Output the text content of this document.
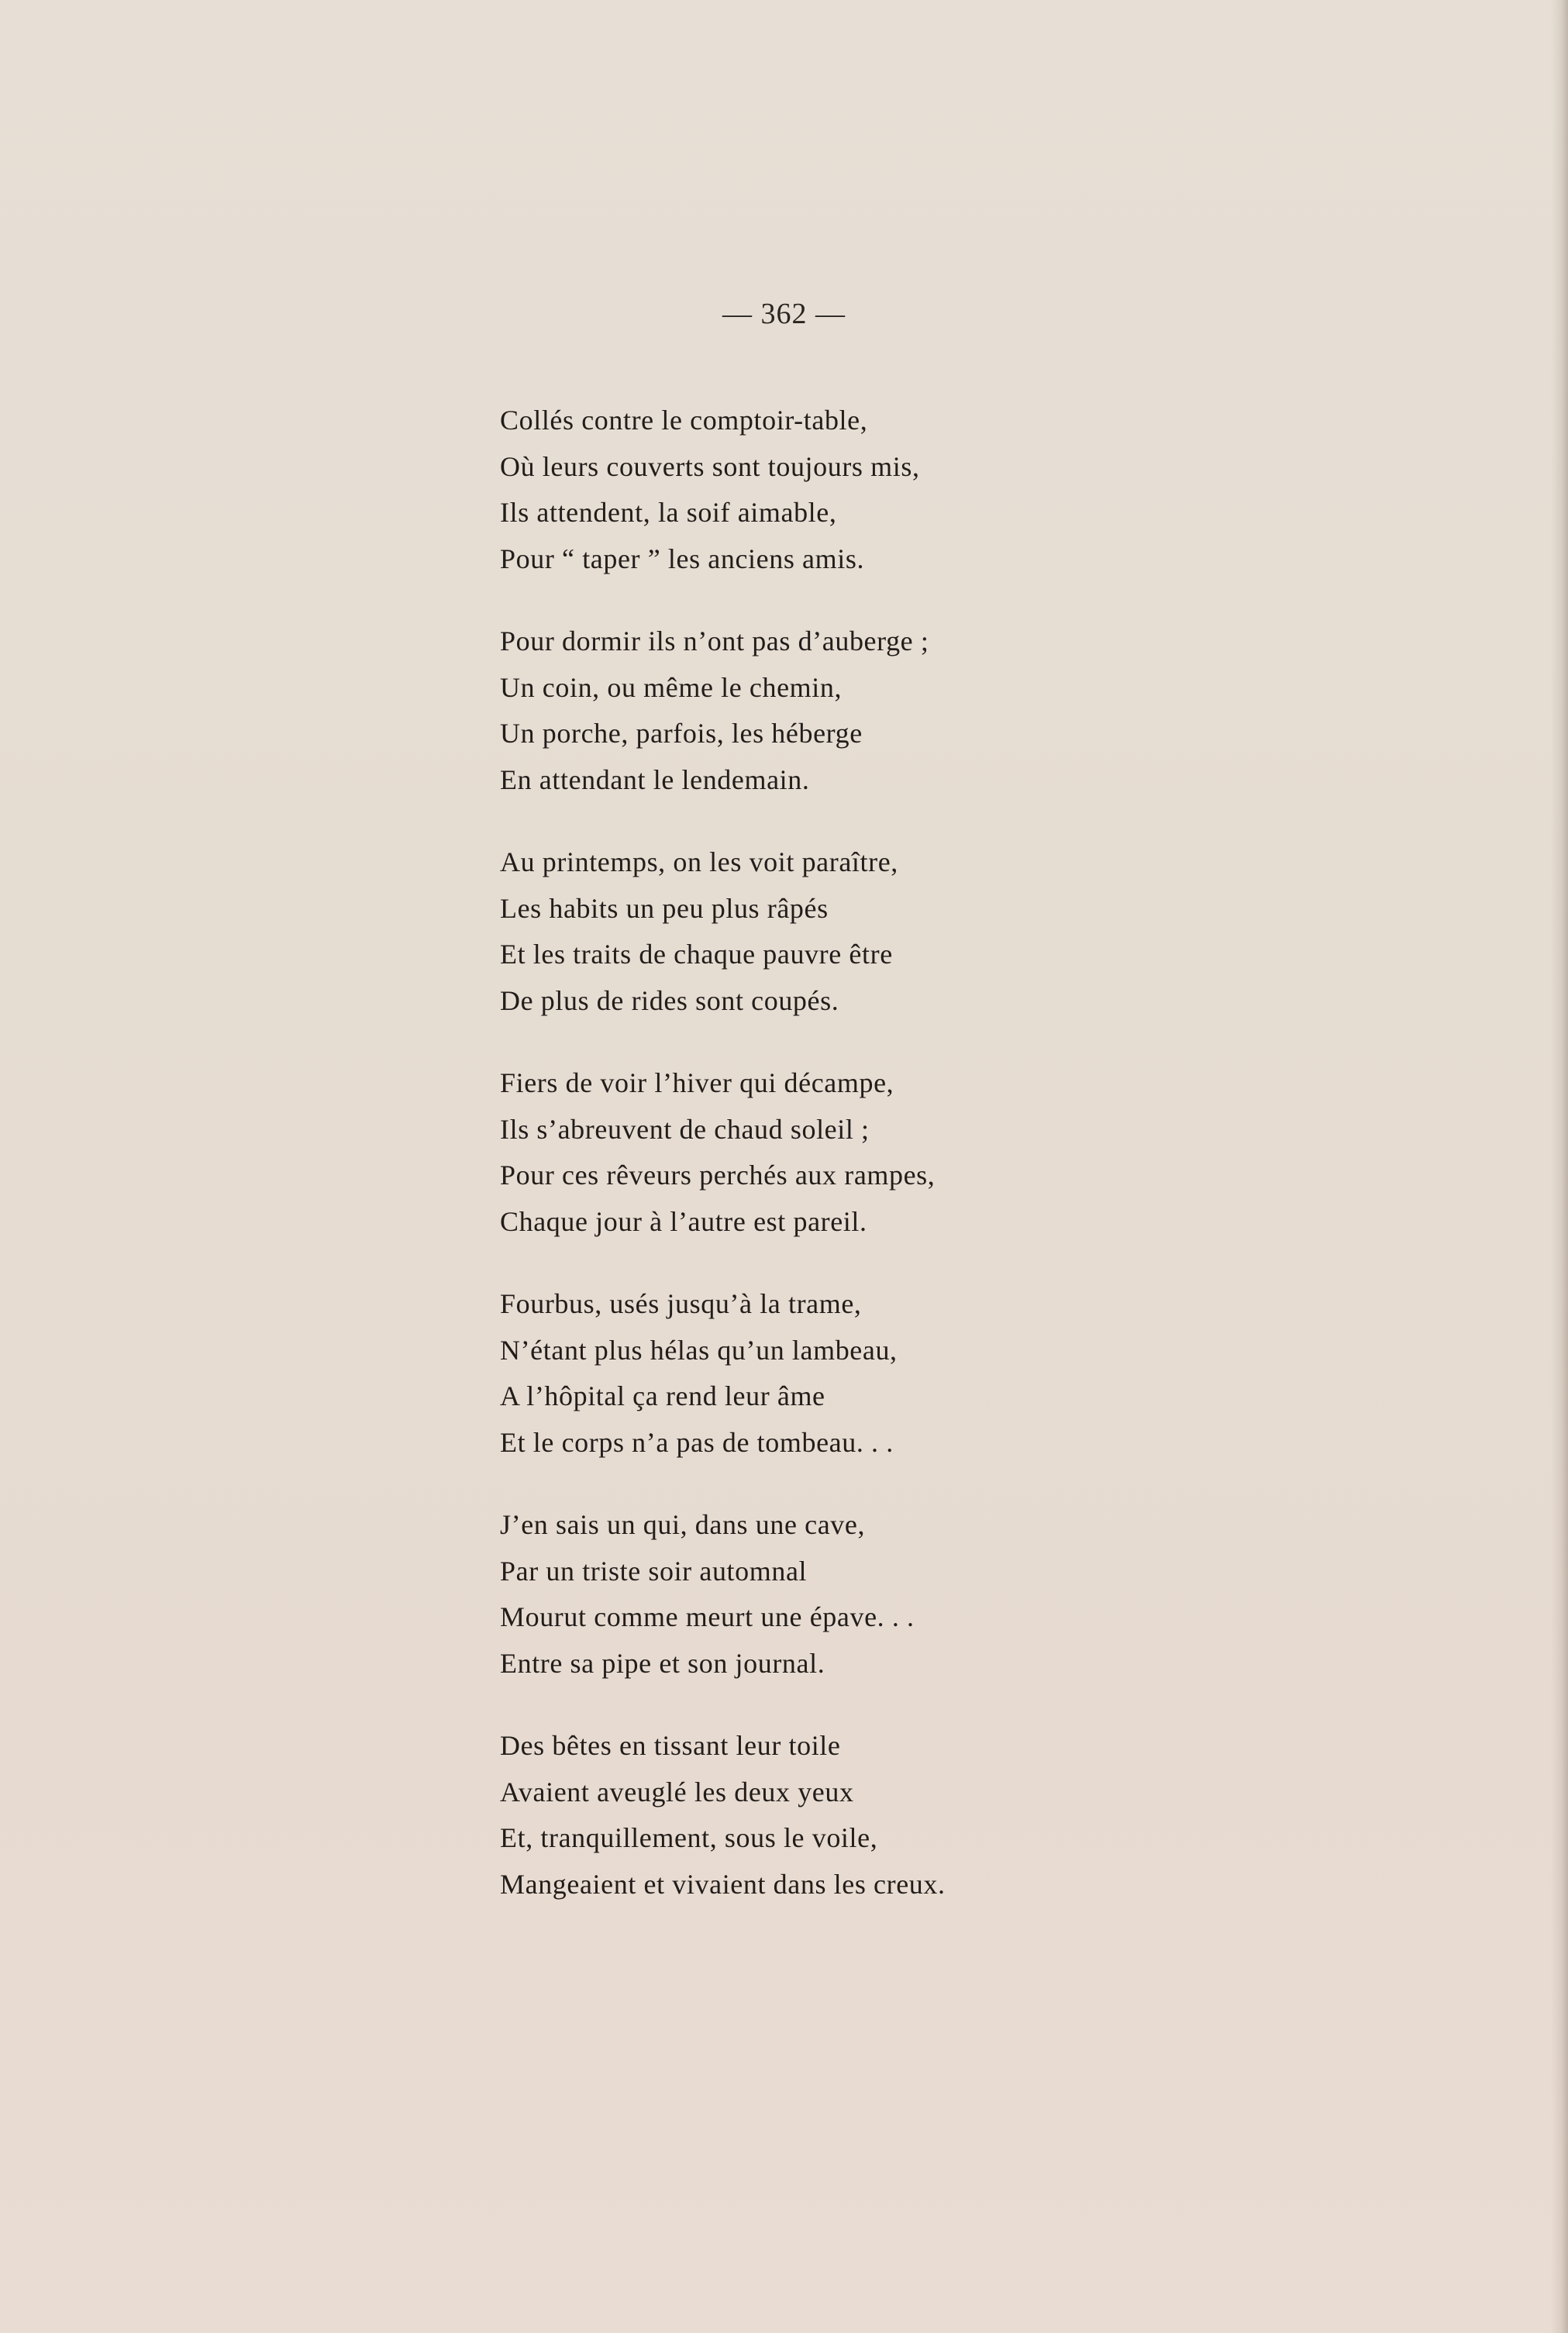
— 362 —
Collés contre le comptoir-table,
Où leurs couverts sont toujours mis,
Ils attendent, la soif aimable,
Pour “ taper ” les anciens amis.
Pour dormir ils n’ont pas d’auberge ;
Un coin, ou même le chemin,
Un porche, parfois, les héberge
En attendant le lendemain.
Au printemps, on les voit paraître,
Les habits un peu plus râpés
Et les traits de chaque pauvre être
De plus de rides sont coupés.
Fiers de voir l’hiver qui décampe,
Ils s’abreuvent de chaud soleil ;
Pour ces rêveurs perchés aux rampes,
Chaque jour à l’autre est pareil.
Fourbus, usés jusqu’à la trame,
N’étant plus hélas qu’un lambeau,
A l’hôpital ça rend leur âme
Et le corps n’a pas de tombeau. . .
J’en sais un qui, dans une cave,
Par un triste soir automnal
Mourut comme meurt une épave. . .
Entre sa pipe et son journal.
Des bêtes en tissant leur toile
Avaient aveuglé les deux yeux
Et, tranquillement, sous le voile,
Mangeaient et vivaient dans les creux.
